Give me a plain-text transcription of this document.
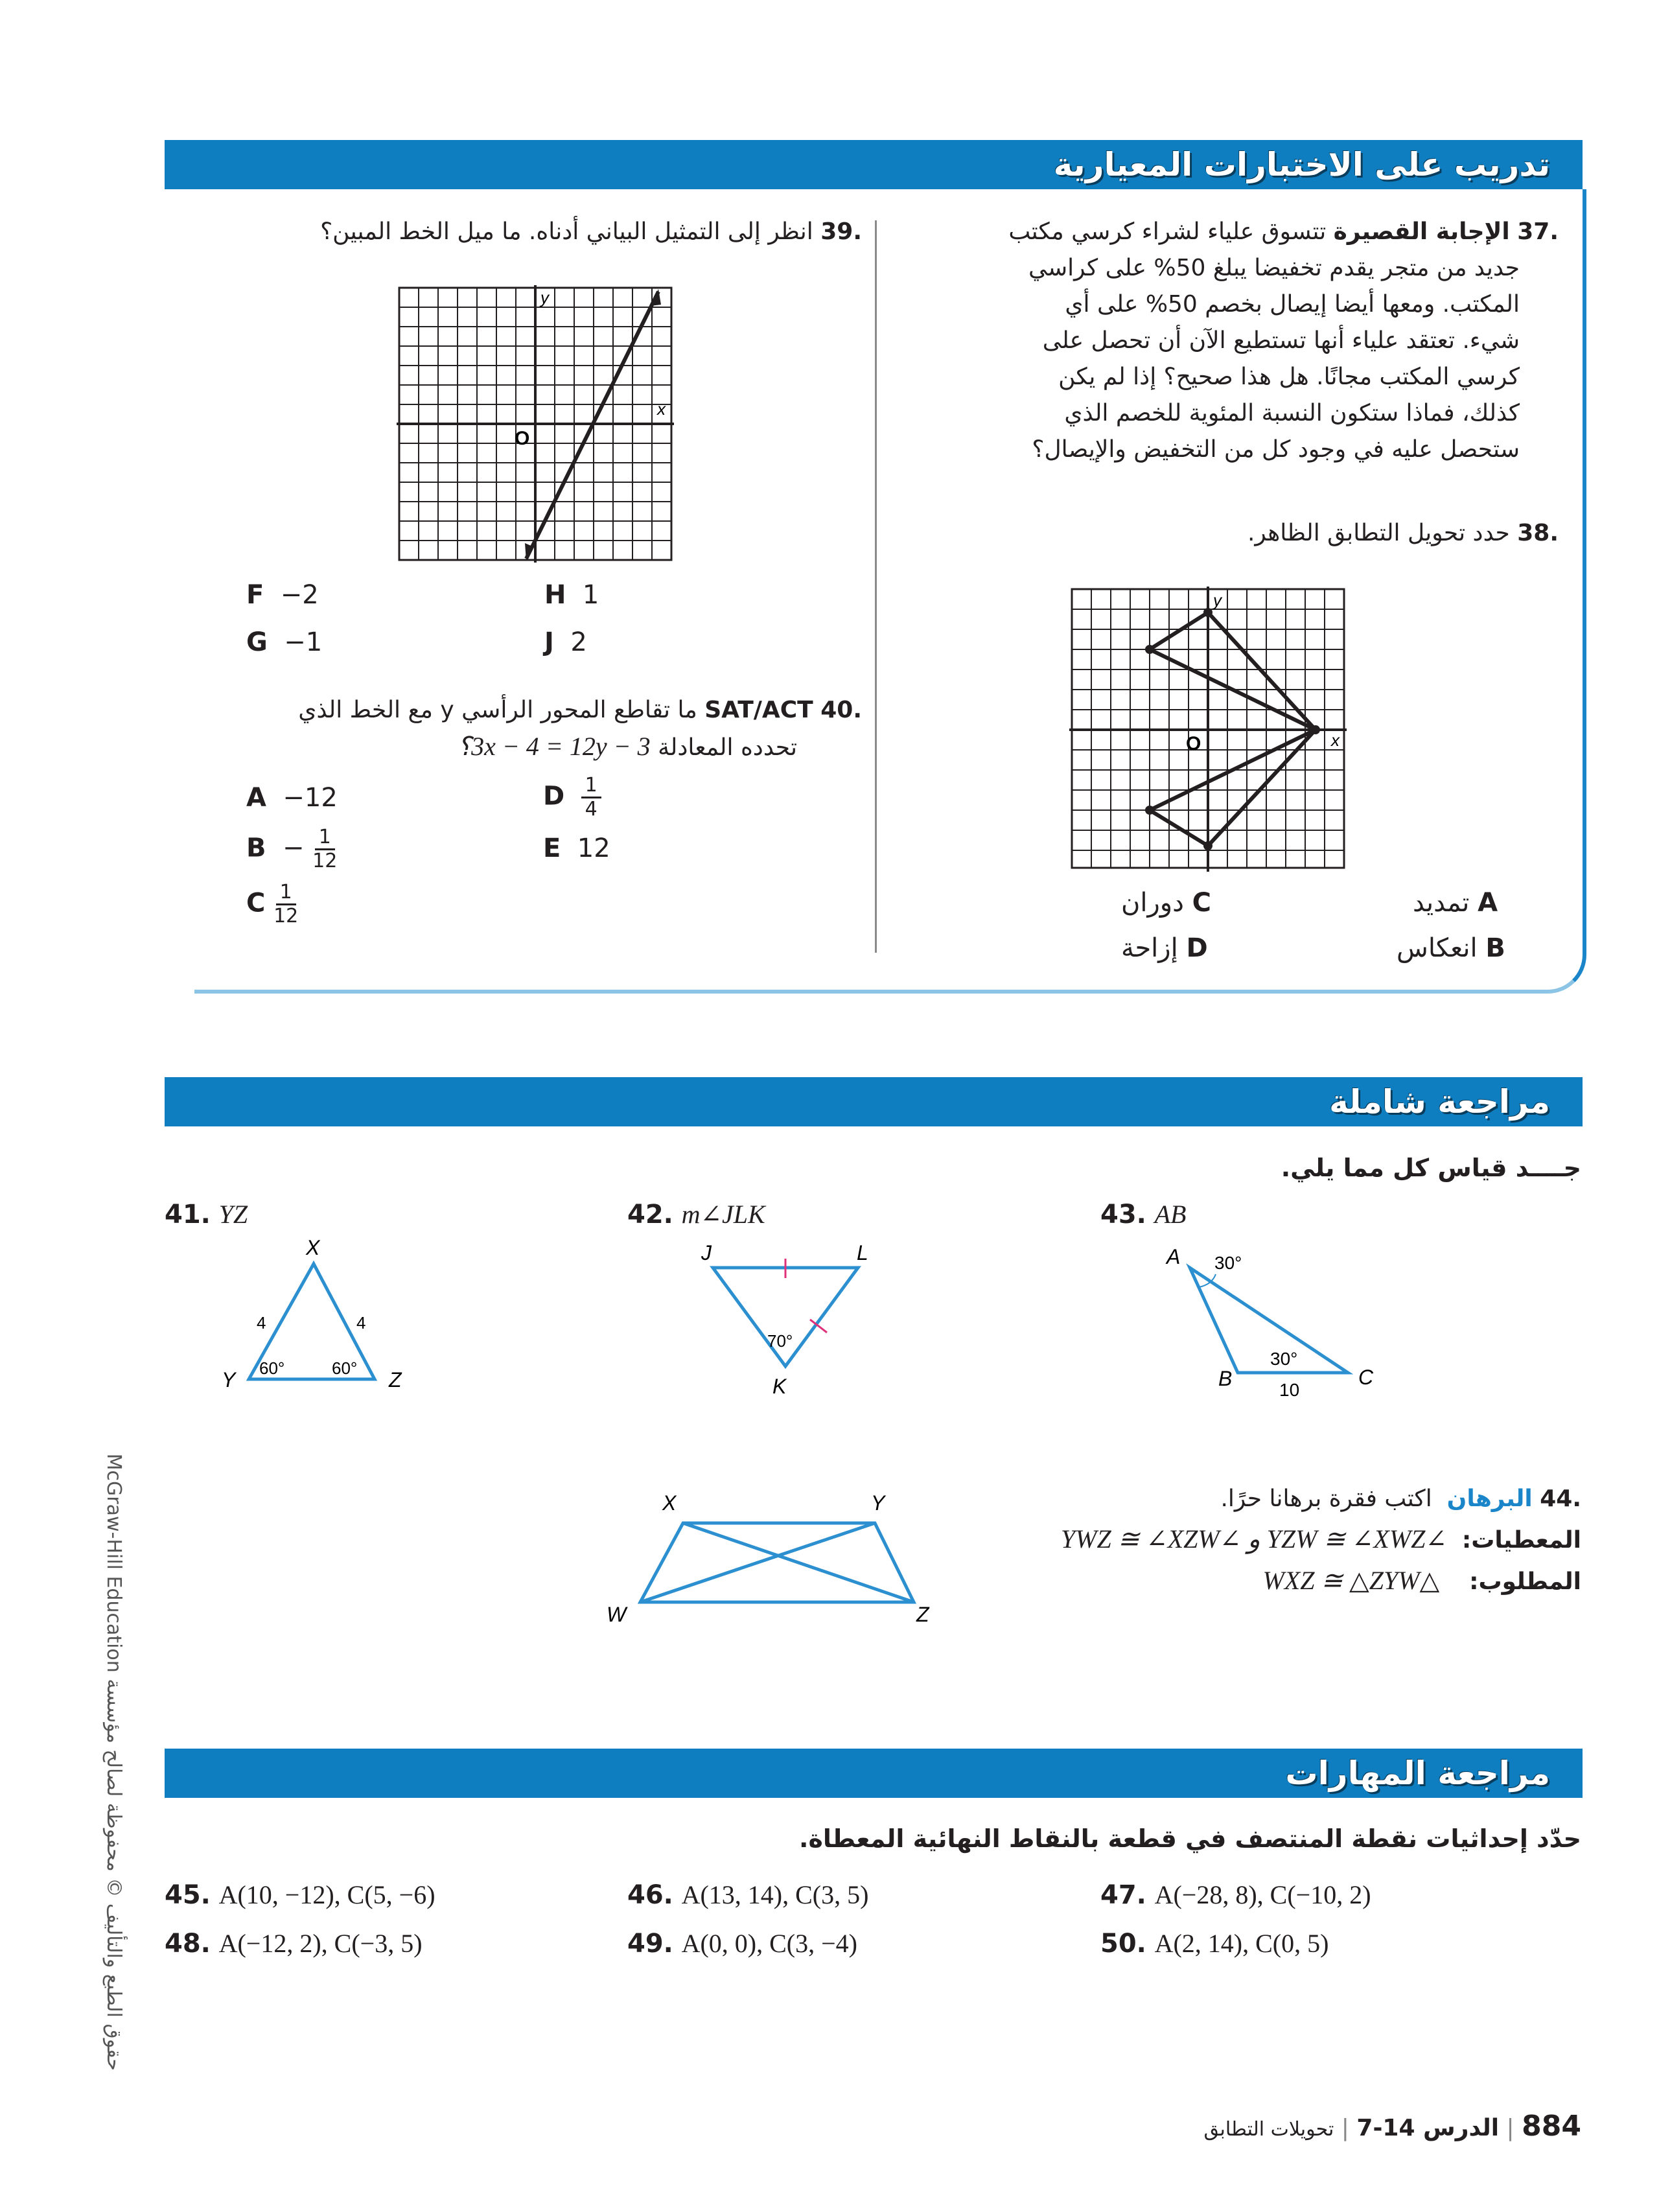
تدريب على الاختبارات المعيارية
.37 الإجابة القصيرة تتسوق علياء لشراء كرسي مكتب
جديد من متجر يقدم تخفيضا يبلغ 50% على كراسي
المكتب. ومعها أيضا إيصال بخصم 50% على أي
شيء. تعتقد علياء أنها تستطيع الآن أن تحصل على
كرسي المكتب مجانًا. هل هذا صحيح؟ إذا لم يكن
كذلك، فماذا ستكون النسبة المئوية للخصم الذي
ستحصل عليه في وجود كل من التخفيض والإيصال؟
.38 حدد تحويل التطابق الظاهر.
y
x
O
C دوران
D إزاحة
A تمديد
B انعكاس
.39 انظر إلى التمثيل البياني أدناه. ما ميل الخط المبين؟
y
x
O
F −2
G −1
H 1
J 2
.40 SAT/ACT ما تقاطع المحور الرأسي y مع الخط الذي
تحدده المعادلة 3x − 4 = 12y − 3؟
A −12
$B - \frac{1}{12}$
C $\frac{1}{12}$
D $\frac{1}{4}$
E 12
مراجعة شاملة
جــــد قياس كل مما يلي.
41. YZ
X
Y	Z
4	4
60°	60°
42. m∠JLK
J	L
K
70°
43. AB
A 30°
B	C
30°
10
.44 البرهان  اكتب فقرة برهانا حرًا.
المعطيات:  ∠YZW ≅ ∠XWZ و ∠YWZ ≅ ∠XZW
المطلوب:    △WXZ ≅ △ZYW
X	Y
W	Z
مراجعة المهارات
حدّد إحداثيات نقطة المنتصف في قطعة بالنقاط النهائية المعطاة.
45. A(10, −12), C(5, −6)	46. A(13, 14), C(3, 5)	47. A(−28, 8), C(−10, 2)
48. A(−12, 2), C(−3, 5)	49. A(0, 0), C(3, −4)	50. A(2, 14), C(0, 5)
حقوق الطبع والتأليف © محفوظة لصالح مؤسسة McGraw-Hill Education
884 | الدرس 14-7 | تحويلات التطابق
